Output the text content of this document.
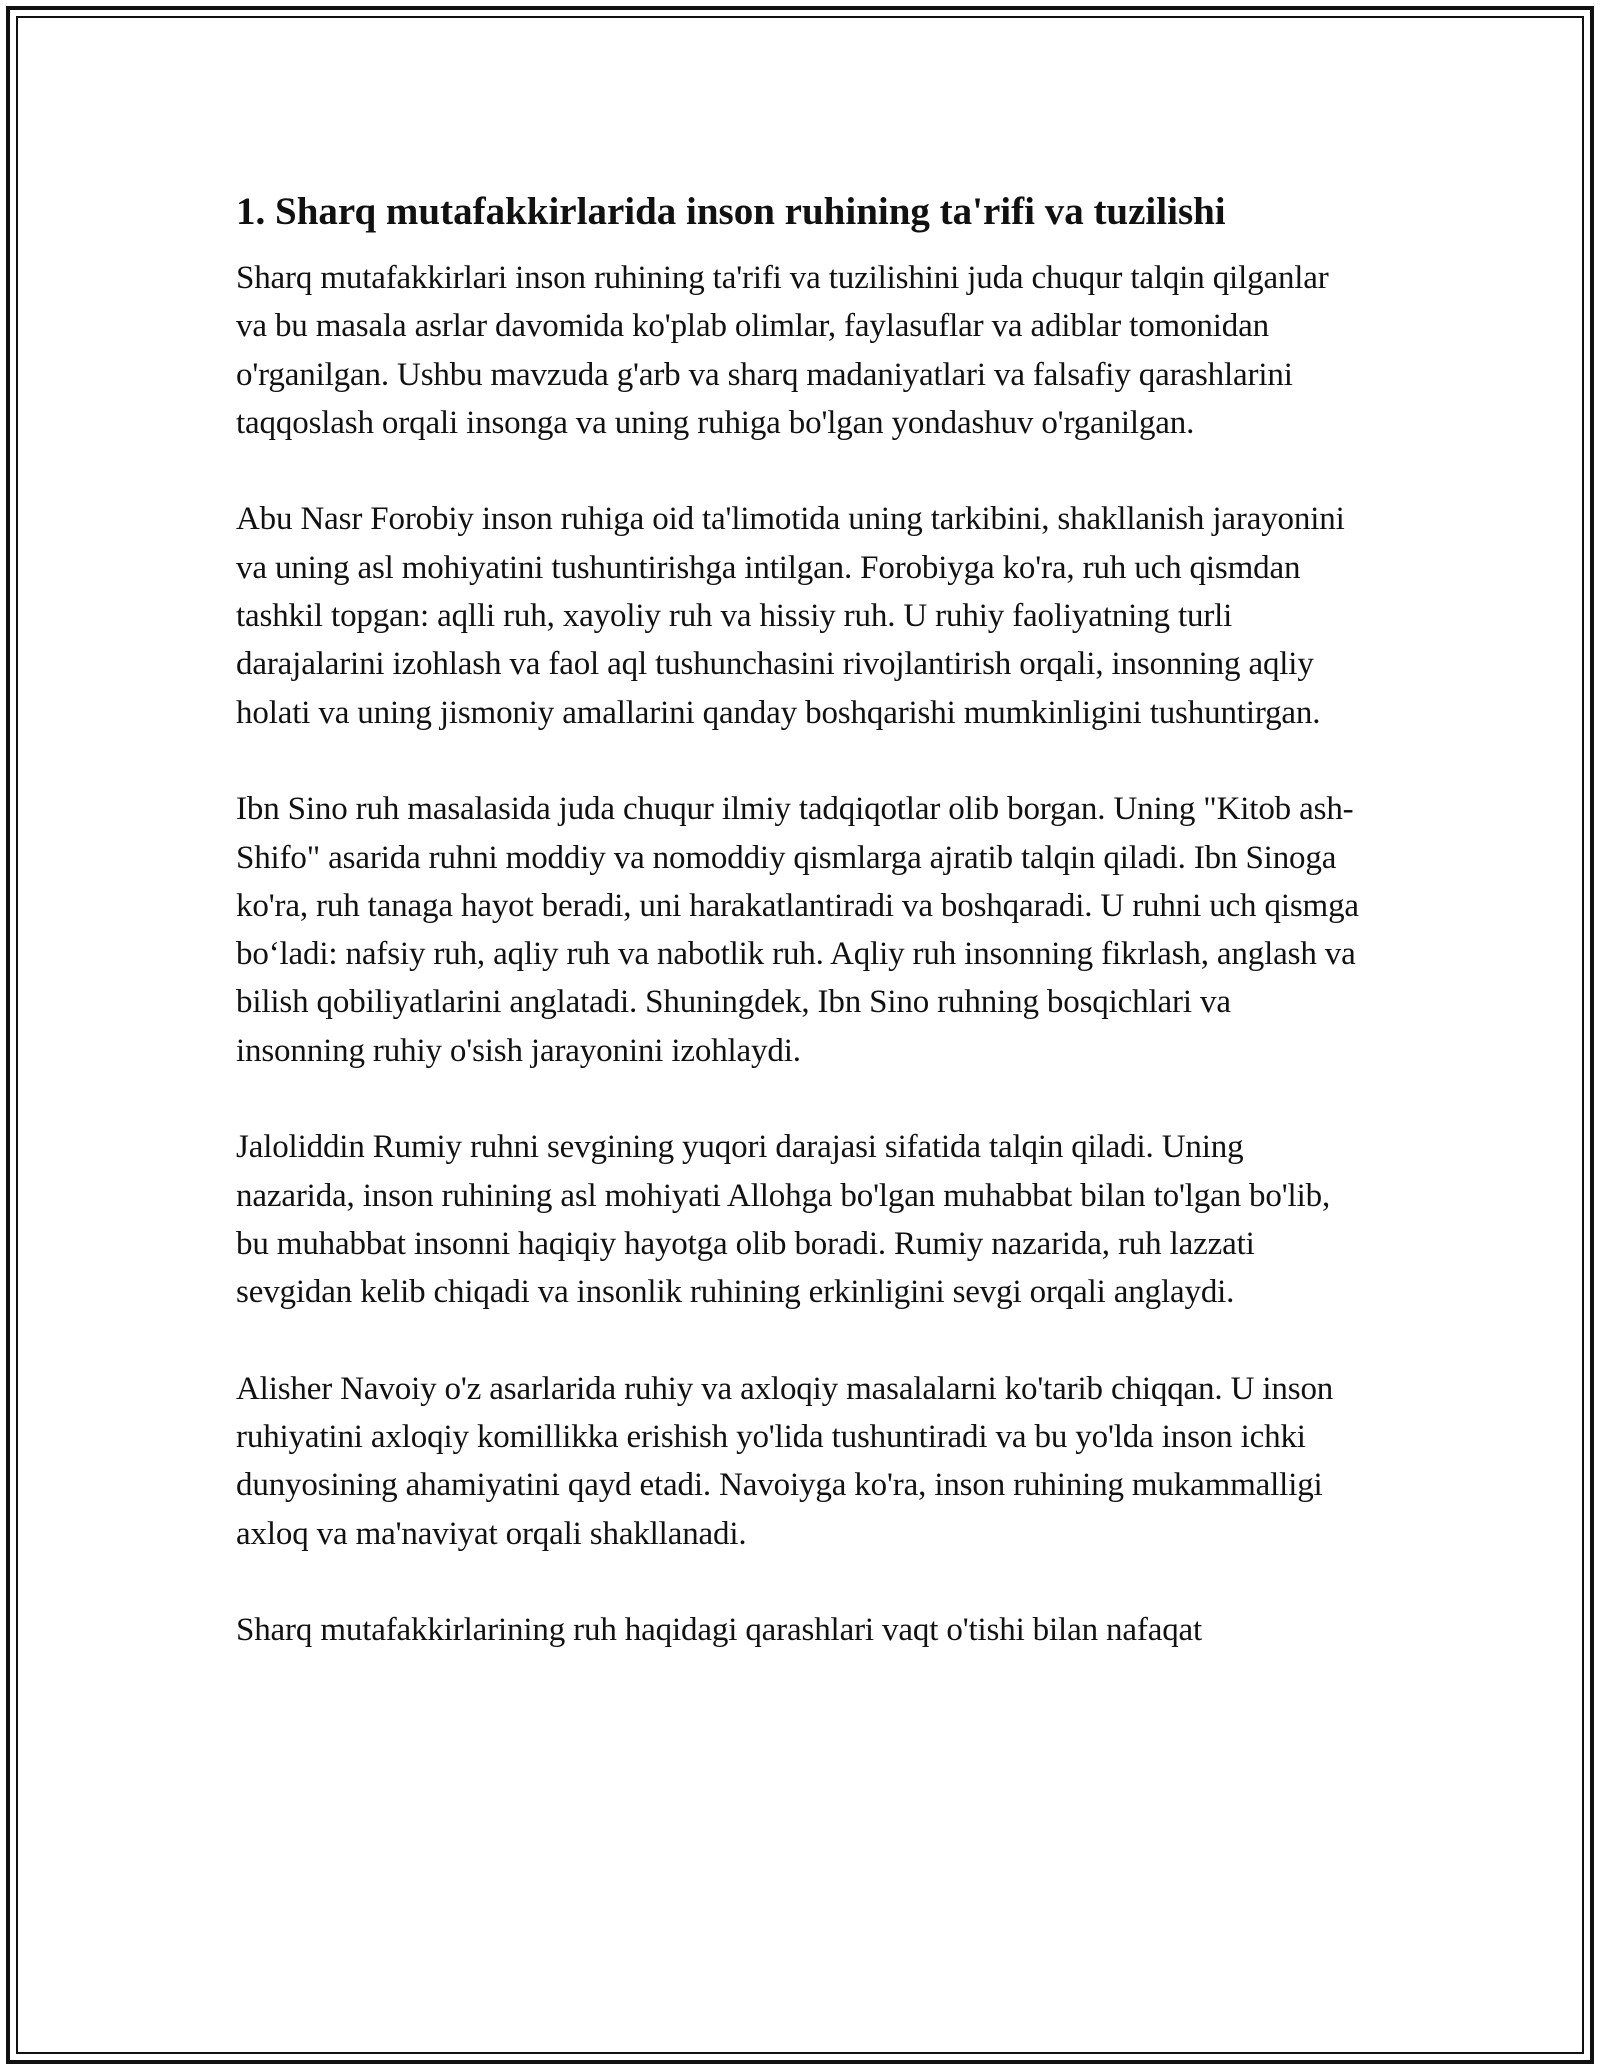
1. Sharq mutafakkirlarida inson ruhining ta'rifi va tuzilishi

Sharq mutafakkirlari inson ruhining ta'rifi va tuzilishini juda chuqur talqin qilganlar va bu masala asrlar davomida ko'plab olimlar, faylasuflar va adiblar tomonidan o'rganilgan. Ushbu mavzuda g'arb va sharq madaniyatlari va falsafiy qarashlarini taqqoslash orqali insonga va uning ruhiga bo'lgan yondashuv o'rganilgan.

Abu Nasr Forobiy inson ruhiga oid ta'limotida uning tarkibini, shakllanish jarayonini va uning asl mohiyatini tushuntirishga intilgan. Forobiyga ko'ra, ruh uch qismdan tashkil topgan: aqlli ruh, xayoliy ruh va hissiy ruh. U ruhiy faoliyatning turli darajalarini izohlash va faol aql tushunchasini rivojlantirish orqali, insonning aqliy holati va uning jismoniy amallarini qanday boshqarishi mumkinligini tushuntirgan.

Ibn Sino ruh masalasida juda chuqur ilmiy tadqiqotlar olib borgan. Uning "Kitob ash-Shifo" asarida ruhni moddiy va nomoddiy qismlarga ajratib talqin qiladi. Ibn Sinoga ko'ra, ruh tanaga hayot beradi, uni harakatlantiradi va boshqaradi. U ruhni uch qismga bo‘ladi: nafsiy ruh, aqliy ruh va nabotlik ruh. Aqliy ruh insonning fikrlash, anglash va bilish qobiliyatlarini anglatadi. Shuningdek, Ibn Sino ruhning bosqichlari va insonning ruhiy o'sish jarayonini izohlaydi.

Jaloliddin Rumiy ruhni sevgining yuqori darajasi sifatida talqin qiladi. Uning nazarida, inson ruhining asl mohiyati Allohga bo'lgan muhabbat bilan to'lgan bo'lib, bu muhabbat insonni haqiqiy hayotga olib boradi. Rumiy nazarida, ruh lazzati sevgidan kelib chiqadi va insonlik ruhining erkinligini sevgi orqali anglaydi.

Alisher Navoiy o'z asarlarida ruhiy va axloqiy masalalarni ko'tarib chiqqan. U inson ruhiyatini axloqiy komillikka erishish yo'lida tushuntiradi va bu yo'lda inson ichki dunyosining ahamiyatini qayd etadi. Navoiyga ko'ra, inson ruhining mukammalligi axloq va ma'naviyat orqali shakllanadi.

Sharq mutafakkirlarining ruh haqidagi qarashlari vaqt o'tishi bilan nafaqat
